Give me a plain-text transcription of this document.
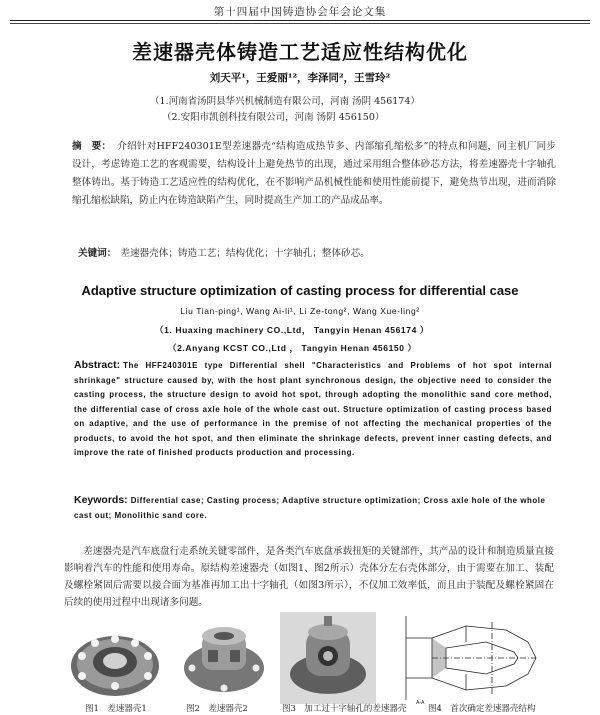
第十四届中国铸造协会年会论文集
差速器壳体铸造工艺适应性结构优化
刘天平¹，王爱丽¹²，李泽同²，王雪玲²
（1.河南省汤阴县华兴机械制造有限公司，河南 汤阴 456174）
（2.安阳市凯创科技有限公司，河南 汤阴 456150）
摘　要： 介绍针对HFF240301E型差速器壳“结构造成热节多、内部缩孔缩松多”的特点和问题，同主机厂同步设计，考虑铸造工艺的客观需要，结构设计上避免热节的出现，通过采用组合整体砂芯方法，将差速器壳十字轴孔整体铸出。基于铸造工艺适应性的结构优化，在不影响产品机械性能和使用性能前提下，避免热节出现，进而消除缩孔缩松缺陷，防止内在铸造缺陷产生，同时提高生产加工的产品成品率。
关键词： 差速器壳体；铸造工艺；结构优化；十字轴孔；整体砂芯。
Adaptive structure optimization of casting process for differential case
Liu Tian-ping¹, Wang Ai-li¹, Li Ze-tong², Wang Xue-ling²
（1. Huaxing machinery CO.,Ltd， Tangyin Henan 456174 ）
（2.Anyang KCST CO.,Ltd ， Tangyin Henan 456150 ）
Abstract: The HFF240301E type Differential shell "Characteristics and Problems of hot spot internal shrinkage" structure caused by, with the host plant synchronous design, the objective need to consider the casting process, the structure design to avoid hot spot, through adopting the monolithic sand core method, the differential case of cross axle hole of the whole cast out. Structure optimization of casting process based on adaptive, and the use of performance in the premise of not affecting the mechanical properties of the products, to avoid the hot spot, and then eliminate the shrinkage defects, prevent inner casting defects, and improve the rate of finished products production and processing.
Keywords: Differential case; Casting process; Adaptive structure optimization; Cross axle hole of the whole cast out; Monolithic sand core.
差速器壳是汽车底盘行走系统关键零部件，是各类汽车底盘承载扭矩的关键部件，其产品的设计和制造质量直接影响着汽车的性能和使用寿命。原结构差速器壳（如图1、图2所示）壳体分左右壳体部分，由于需要在加工、装配及螺栓紧固后需要以接合面为基准再加工出十字轴孔（如图3所示），不仅加工效率低，而且由于装配及螺栓紧固在后续的使用过程中出现诸多问题。
A-A
图1　差速器壳1	图2　差速器壳2	图3　加工过十字轴孔的差速器壳	图4　首次确定差速器壳结构
